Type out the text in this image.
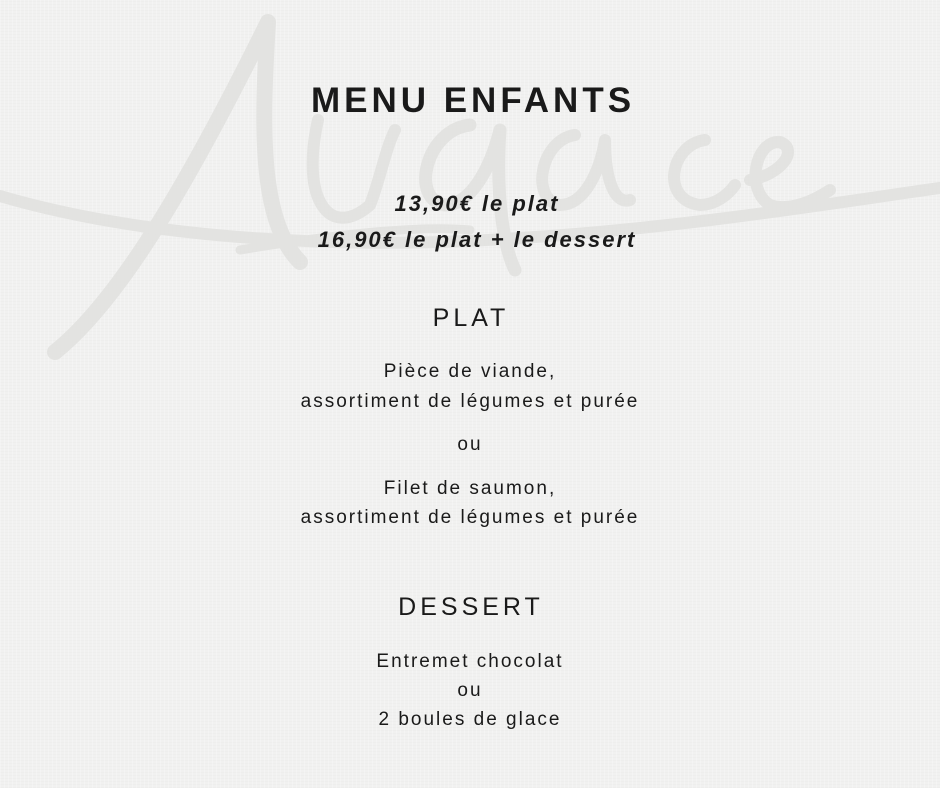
MENU ENFANTS
13,90€ le plat
16,90€ le plat + le dessert
PLAT
Pièce de viande,
assortiment de légumes et purée
ou
Filet de saumon,
assortiment de légumes et purée
DESSERT
Entremet chocolat
ou
2 boules de glace
